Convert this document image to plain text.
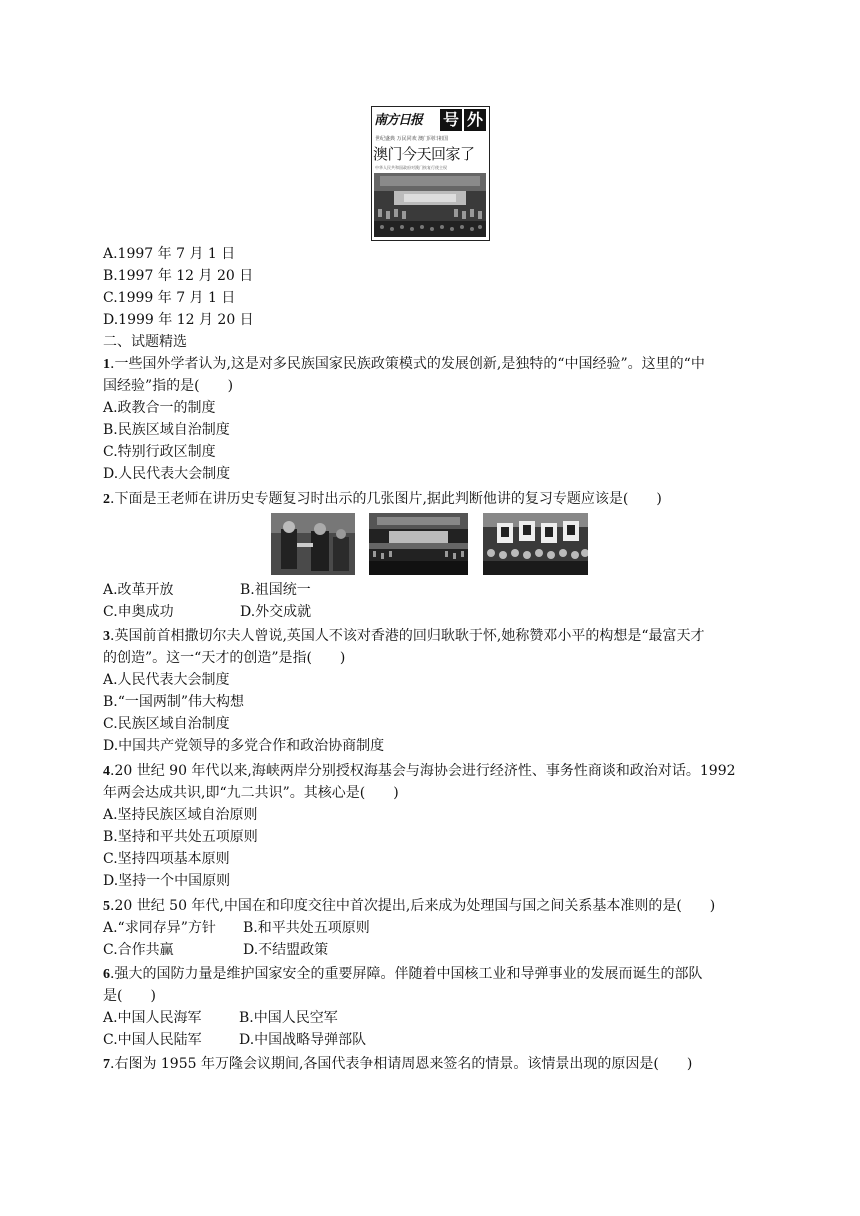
南方日报	号 外
世纪盛典 万民同欢 澳门回归祖国
澳门今天回家了
中华人民共和国政府对澳门恢复行使主权
A.1997 年 7 月 1 日
B.1997 年 12 月 20 日
C.1999 年 7 月 1 日
D.1999 年 12 月 20 日
二、试题精选
1.一些国外学者认为,这是对多民族国家民族政策模式的发展创新,是独特的“中国经验”。这里的“中
国经验”指的是(　　)
A.政教合一的制度
B.民族区域自治制度
C.特别行政区制度
D.人民代表大会制度
2.下面是王老师在讲历史专题复习时出示的几张图片,据此判断他讲的复习专题应该是(　　)
A.改革开放	B.祖国统一
C.申奥成功	D.外交成就
3.英国前首相撒切尔夫人曾说,英国人不该对香港的回归耿耿于怀,她称赞邓小平的构想是“最富天才
的创造”。这一“天才的创造”是指(　　)
A.人民代表大会制度
B.“一国两制”伟大构想
C.民族区域自治制度
D.中国共产党领导的多党合作和政治协商制度
4.20 世纪 90 年代以来,海峡两岸分别授权海基会与海协会进行经济性、事务性商谈和政治对话。1992
年两会达成共识,即“九二共识”。其核心是(　　)
A.坚持民族区域自治原则
B.坚持和平共处五项原则
C.坚持四项基本原则
D.坚持一个中国原则
5.20 世纪 50 年代,中国在和印度交往中首次提出,后来成为处理国与国之间关系基本准则的是(　　)
A.“求同存异”方针 B.和平共处五项原则
C.合作共赢	D.不结盟政策
6.强大的国防力量是维护国家安全的重要屏障。伴随着中国核工业和导弹事业的发展而诞生的部队
是(　　)
A.中国人民海军	B.中国人民空军
C.中国人民陆军	D.中国战略导弹部队
7.右图为 1955 年万隆会议期间,各国代表争相请周恩来签名的情景。该情景出现的原因是(　　)
